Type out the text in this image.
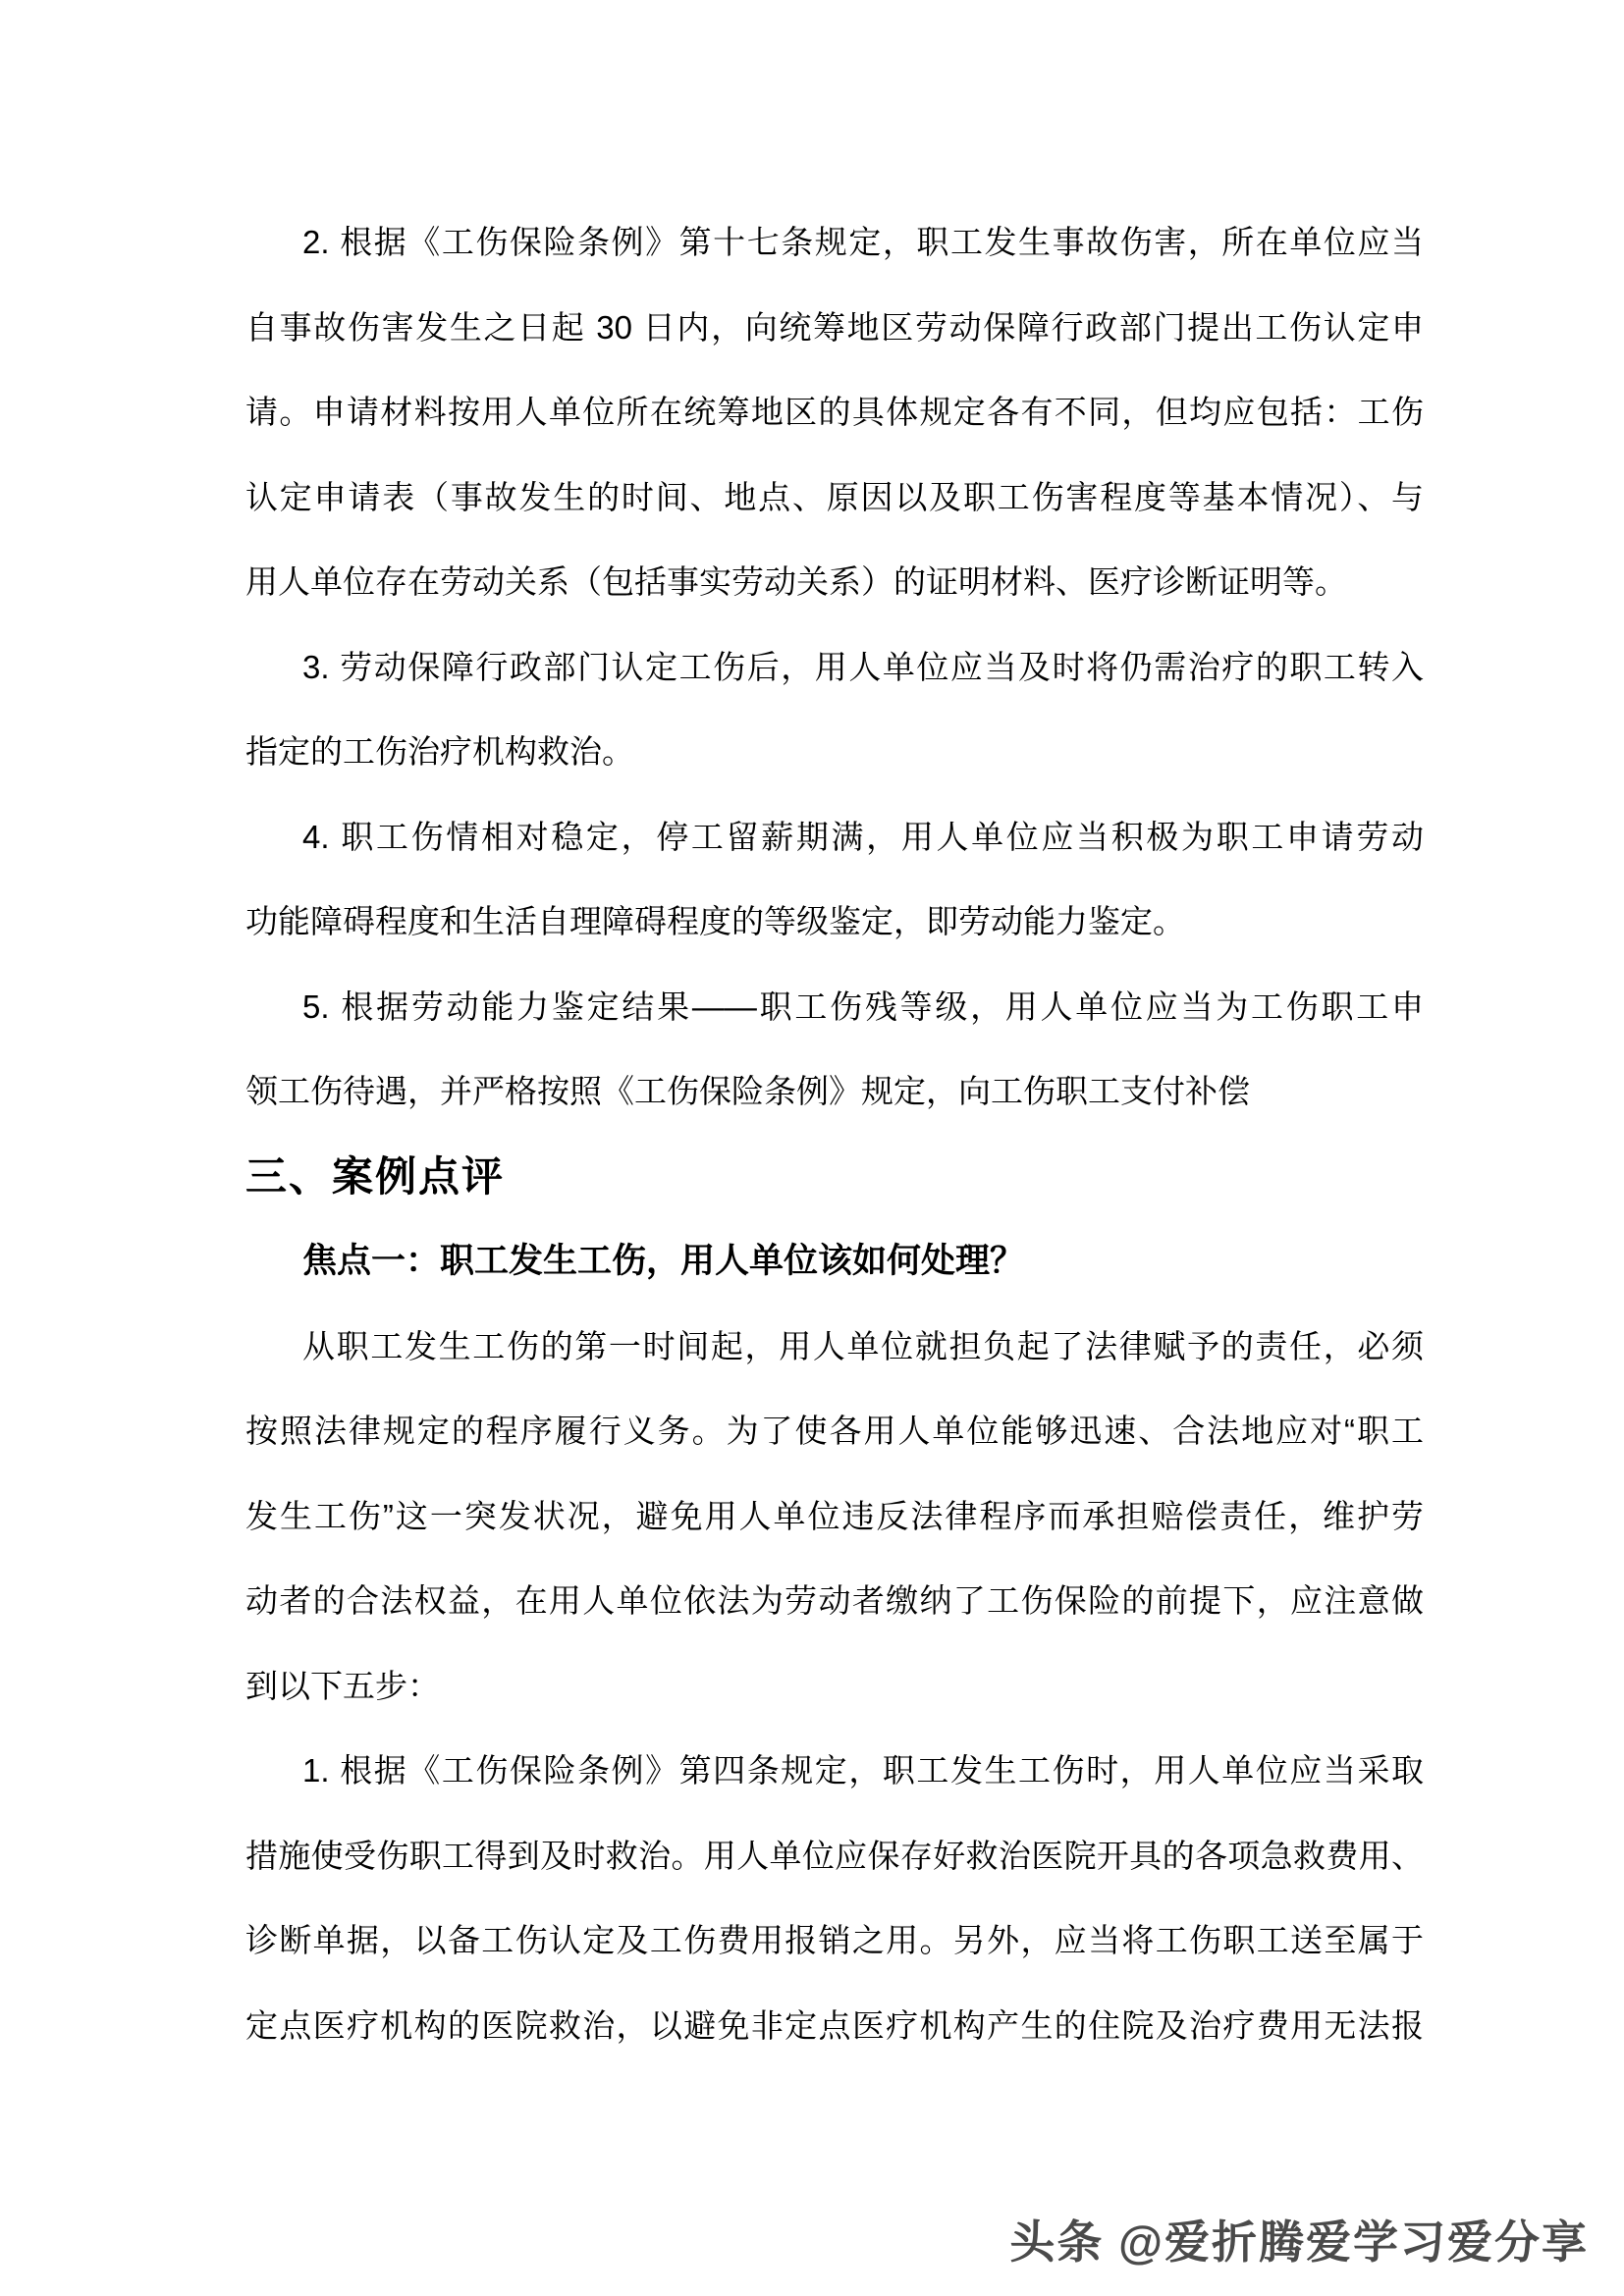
2. 根据《工伤保险条例》第十七条规定，职工发生事故伤害，所在单位应当
自事故伤害发生之日起 30 日内，向统筹地区劳动保障行政部门提出工伤认定申
请。申请材料按用人单位所在统筹地区的具体规定各有不同，但均应包括：工伤
认定申请表（事故发生的时间、地点、原因以及职工伤害程度等基本情况）、与
用人单位存在劳动关系（包括事实劳动关系）的证明材料、医疗诊断证明等。
3. 劳动保障行政部门认定工伤后，用人单位应当及时将仍需治疗的职工转入
指定的工伤治疗机构救治。
4. 职工伤情相对稳定，停工留薪期满，用人单位应当积极为职工申请劳动
功能障碍程度和生活自理障碍程度的等级鉴定，即劳动能力鉴定。
5. 根据劳动能力鉴定结果——职工伤残等级，用人单位应当为工伤职工申
领工伤待遇，并严格按照《工伤保险条例》规定，向工伤职工支付补偿
三、案例点评
焦点一：职工发生工伤，用人单位该如何处理？
从职工发生工伤的第一时间起，用人单位就担负起了法律赋予的责任，必须
按照法律规定的程序履行义务。为了使各用人单位能够迅速、合法地应对“职工
发生工伤”这一突发状况，避免用人单位违反法律程序而承担赔偿责任，维护劳
动者的合法权益，在用人单位依法为劳动者缴纳了工伤保险的前提下，应注意做
到以下五步：
1. 根据《工伤保险条例》第四条规定，职工发生工伤时，用人单位应当采取
措施使受伤职工得到及时救治。用人单位应保存好救治医院开具的各项急救费用、
诊断单据，以备工伤认定及工伤费用报销之用。另外，应当将工伤职工送至属于
定点医疗机构的医院救治，以避免非定点医疗机构产生的住院及治疗费用无法报
头条 @爱折腾爱学习爱分享
